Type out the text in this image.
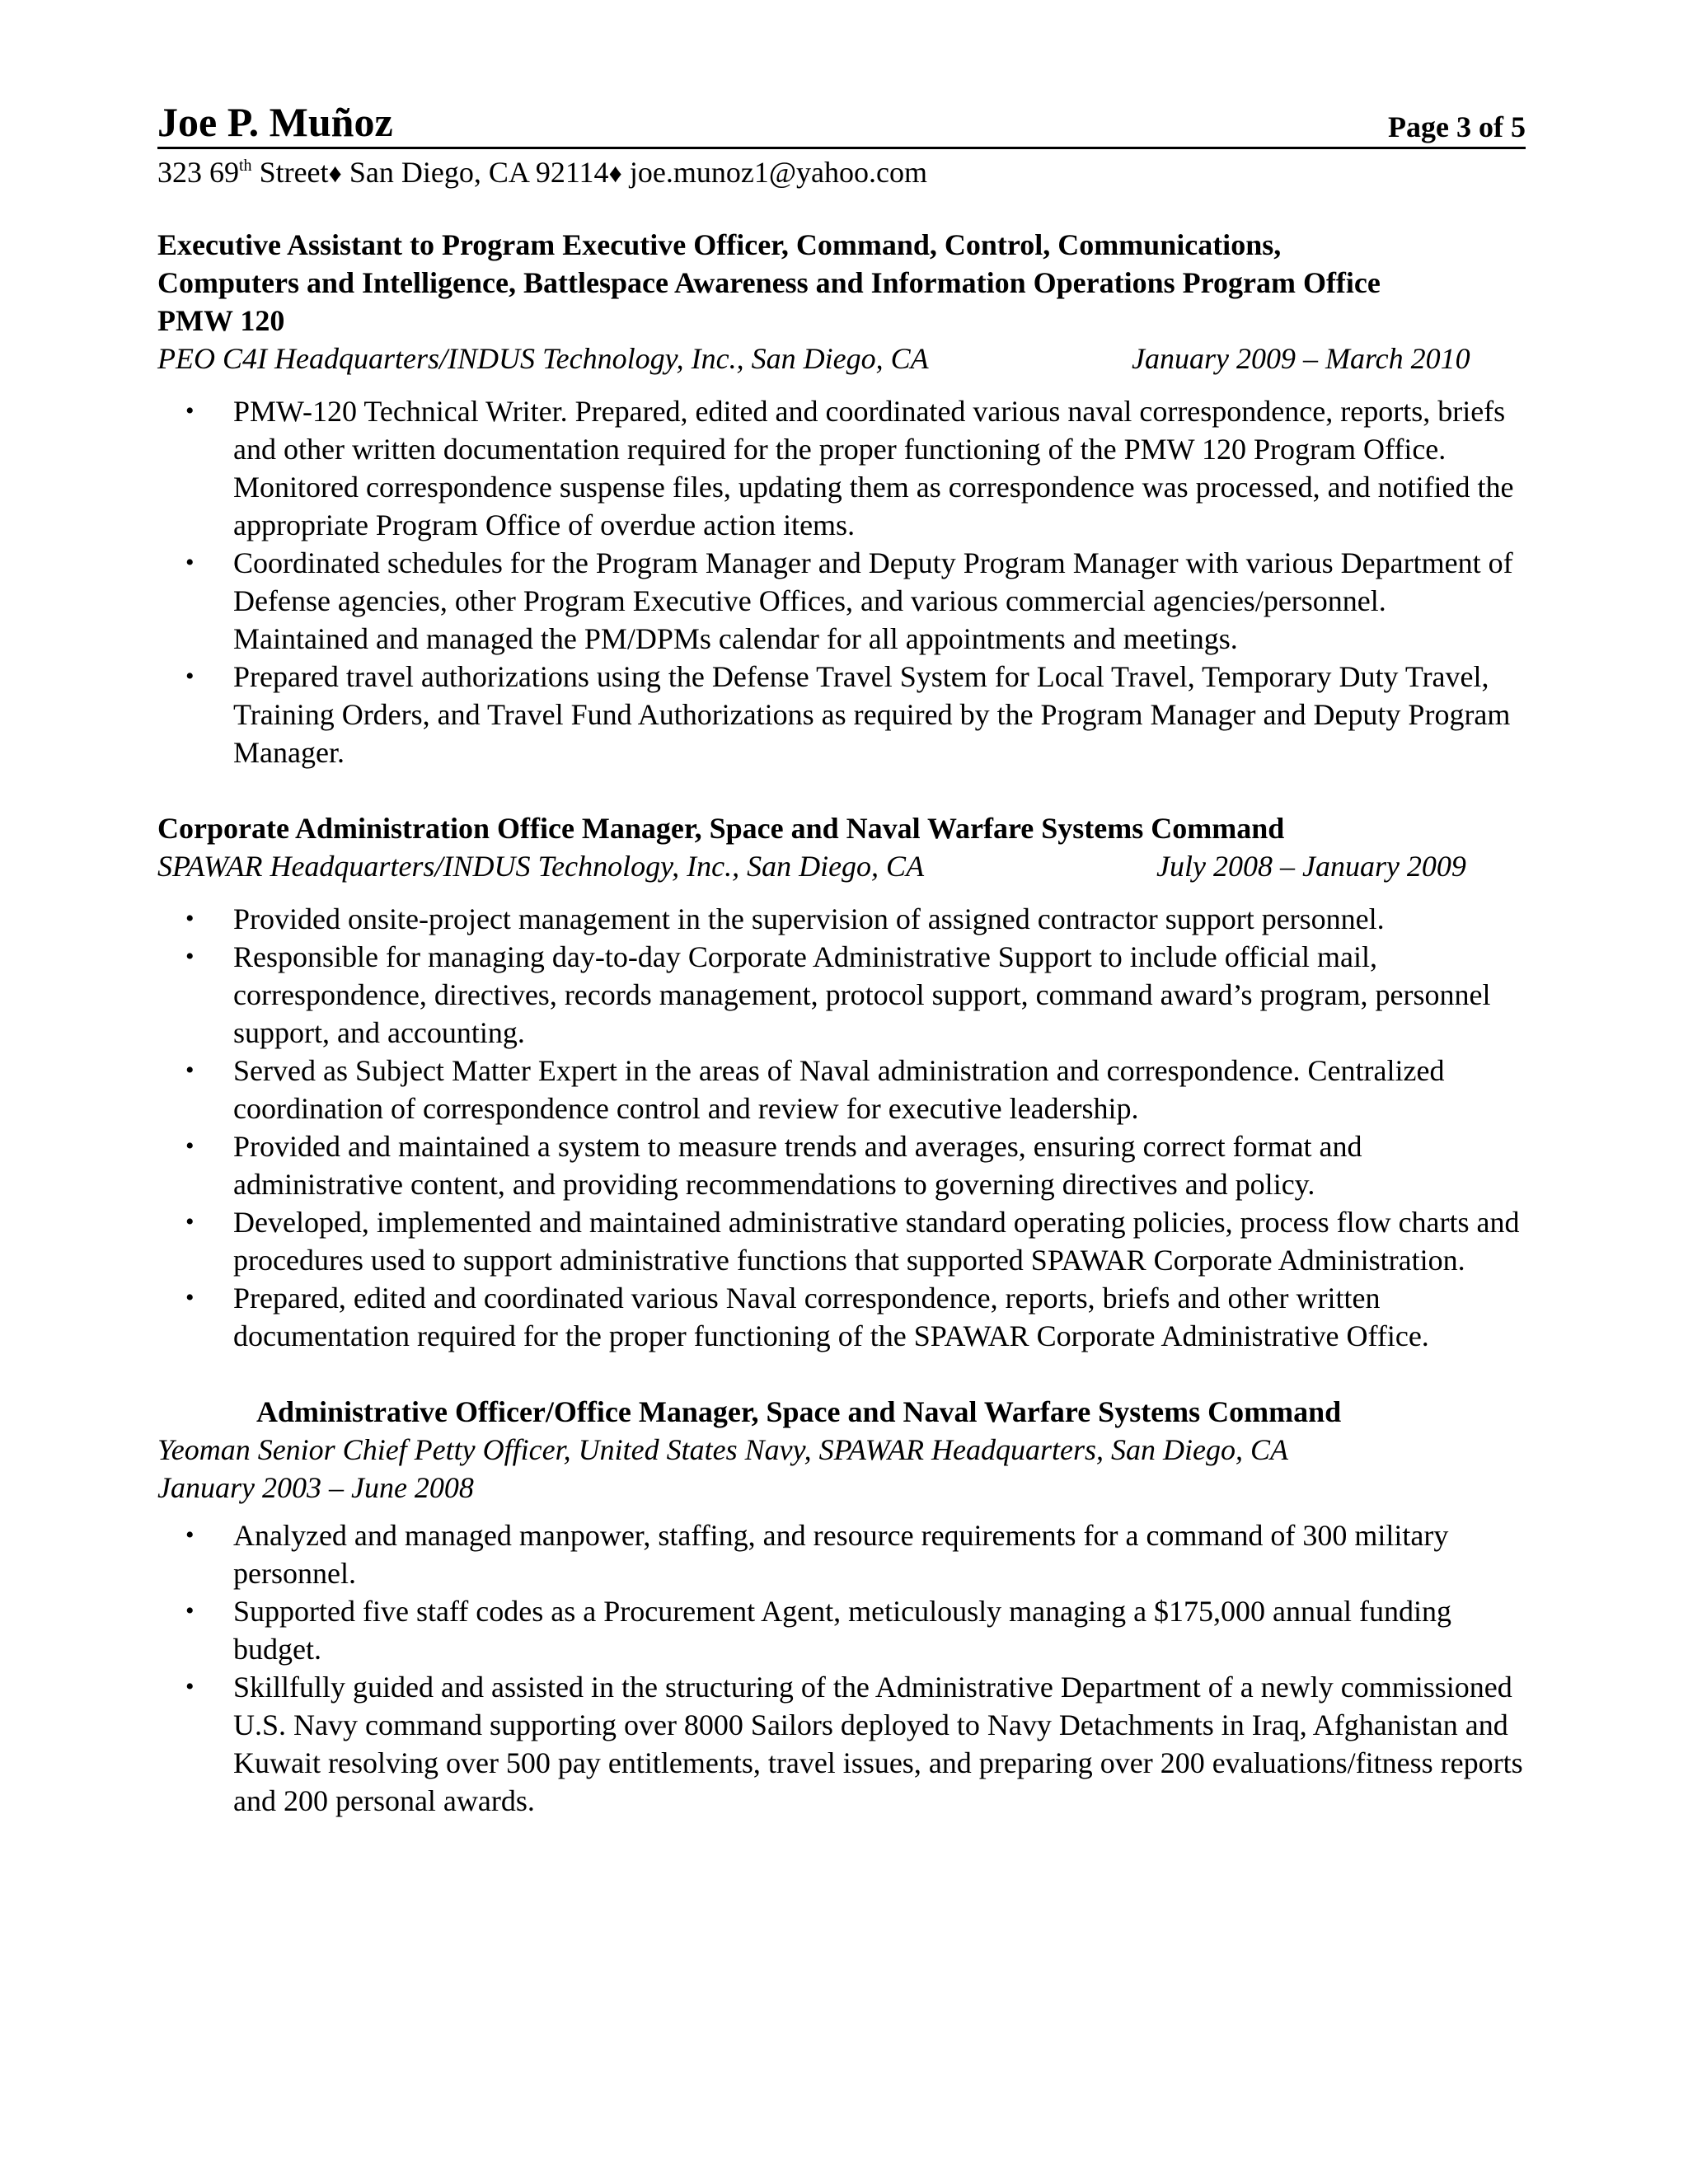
Joe P. Muñoz	Page 3 of 5
323 69th Street♦ San Diego, CA 92114♦ joe.munoz1@yahoo.com
Executive Assistant to Program Executive Officer, Command, Control, Communications,
Computers and Intelligence, Battlespace Awareness and Information Operations Program Office
PMW 120
PEO C4I Headquarters/INDUS Technology, Inc., San Diego, CA	January 2009 – March 2010
• PMW-120 Technical Writer. Prepared, edited and coordinated various naval correspondence, reports, briefs and other written documentation required for the proper functioning of the PMW 120 Program Office. Monitored correspondence suspense files, updating them as correspondence was processed, and notified the appropriate Program Office of overdue action items.
• Coordinated schedules for the Program Manager and Deputy Program Manager with various Department of Defense agencies, other Program Executive Offices, and various commercial agencies/personnel. Maintained and managed the PM/DPMs calendar for all appointments and meetings.
• Prepared travel authorizations using the Defense Travel System for Local Travel, Temporary Duty Travel, Training Orders, and Travel Fund Authorizations as required by the Program Manager and Deputy Program Manager.
Corporate Administration Office Manager, Space and Naval Warfare Systems Command
SPAWAR Headquarters/INDUS Technology, Inc., San Diego, CA	July 2008 – January 2009
• Provided onsite-project management in the supervision of assigned contractor support personnel.
• Responsible for managing day-to-day Corporate Administrative Support to include official mail, correspondence, directives, records management, protocol support, command award’s program, personnel support, and accounting.
• Served as Subject Matter Expert in the areas of Naval administration and correspondence. Centralized coordination of correspondence control and review for executive leadership.
• Provided and maintained a system to measure trends and averages, ensuring correct format and administrative content, and providing recommendations to governing directives and policy.
• Developed, implemented and maintained administrative standard operating policies, process flow charts and procedures used to support administrative functions that supported SPAWAR Corporate Administration.
• Prepared, edited and coordinated various Naval correspondence, reports, briefs and other written documentation required for the proper functioning of the SPAWAR Corporate Administrative Office.
Administrative Officer/Office Manager, Space and Naval Warfare Systems Command
Yeoman Senior Chief Petty Officer, United States Navy, SPAWAR Headquarters, San Diego, CA
January 2003 – June 2008
• Analyzed and managed manpower, staffing, and resource requirements for a command of 300 military personnel.
• Supported five staff codes as a Procurement Agent, meticulously managing a $175,000 annual funding budget.
• Skillfully guided and assisted in the structuring of the Administrative Department of a newly commissioned U.S. Navy command supporting over 8000 Sailors deployed to Navy Detachments in Iraq, Afghanistan and Kuwait resolving over 500 pay entitlements, travel issues, and preparing over 200 evaluations/fitness reports and 200 personal awards.
